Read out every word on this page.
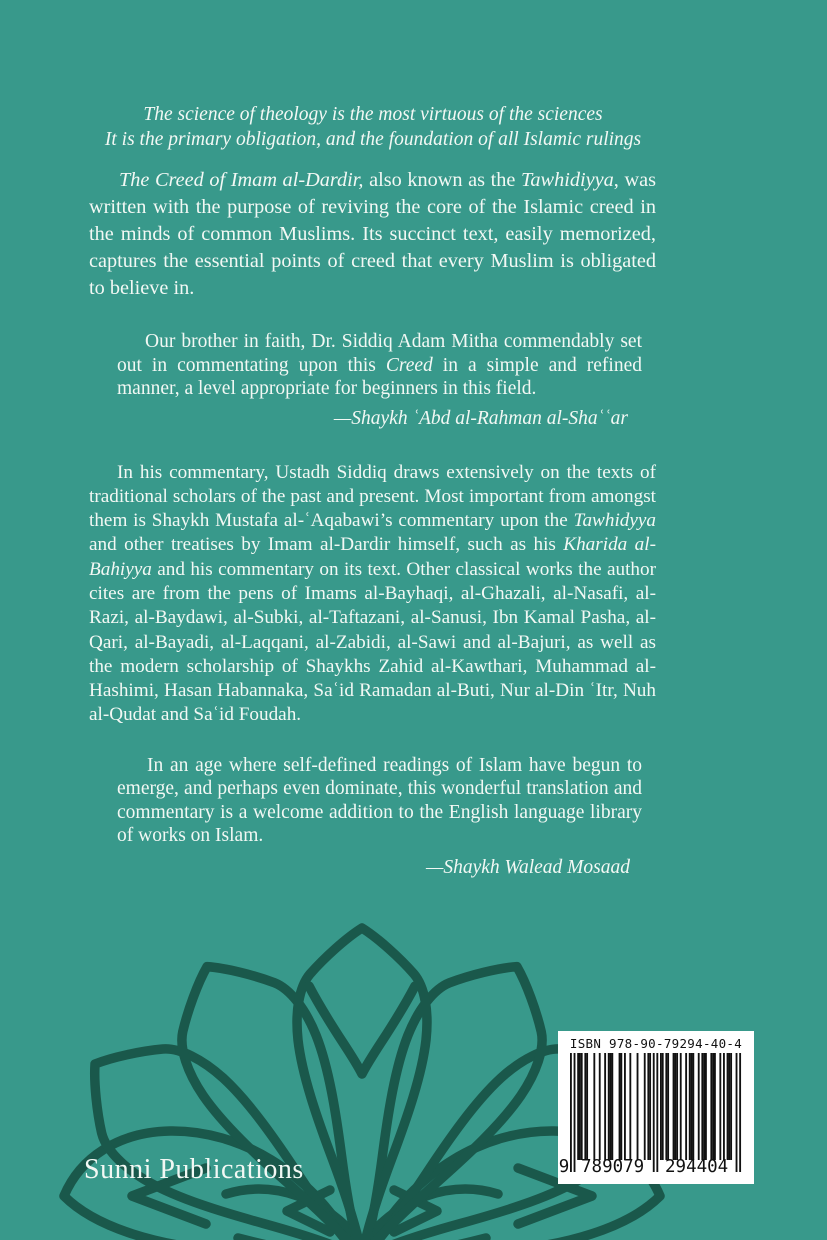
The science of theology is the most virtuous of the sciences
It is the primary obligation, and the foundation of all Islamic rulings

The Creed of Imam al-Dardir, also known as the Tawhidiyya, was written with the purpose of reviving the core of the Islamic creed in the minds of common Muslims. Its succinct text, easily memorized, captures the essential points of creed that every Muslim is obligated to believe in.

Our brother in faith, Dr. Siddiq Adam Mitha commendably set out in commentating upon this Creed in a simple and refined manner, a level appropriate for beginners in this field.

—Shaykh ʿAbd al-Rahman al-Shaʿʿar

In his commentary, Ustadh Siddiq draws extensively on the texts of traditional scholars of the past and present. Most important from amongst them is Shaykh Mustafa al-ʿAqabawi’s commentary upon the Tawhidyya and other treatises by Imam al-Dardir himself, such as his Kharida al-Bahiyya and his commentary on its text. Other classical works the author cites are from the pens of Imams al-Bayhaqi, al-Ghazali, al-Nasafi, al-Razi, al-Baydawi, al-Subki, al-Taftazani, al-Sanusi, Ibn Kamal Pasha, al-Qari, al-Bayadi, al-Laqqani, al-Zabidi, al-Sawi and al-Bajuri, as well as the modern scholarship of Shaykhs Zahid al-Kawthari, Muhammad al-Hashimi, Hasan Habannaka, Saʿid Ramadan al-Buti, Nur al-Din ʿItr, Nuh al-Qudat and Saʿid Foudah.

In an age where self-defined readings of Islam have begun to emerge, and perhaps even dominate, this wonderful translation and commentary is a welcome addition to the English language library of works on Islam.

—Shaykh Walead Mosaad

Sunni Publications
ISBN 978-90-79294-40-4
9 789079 294404
